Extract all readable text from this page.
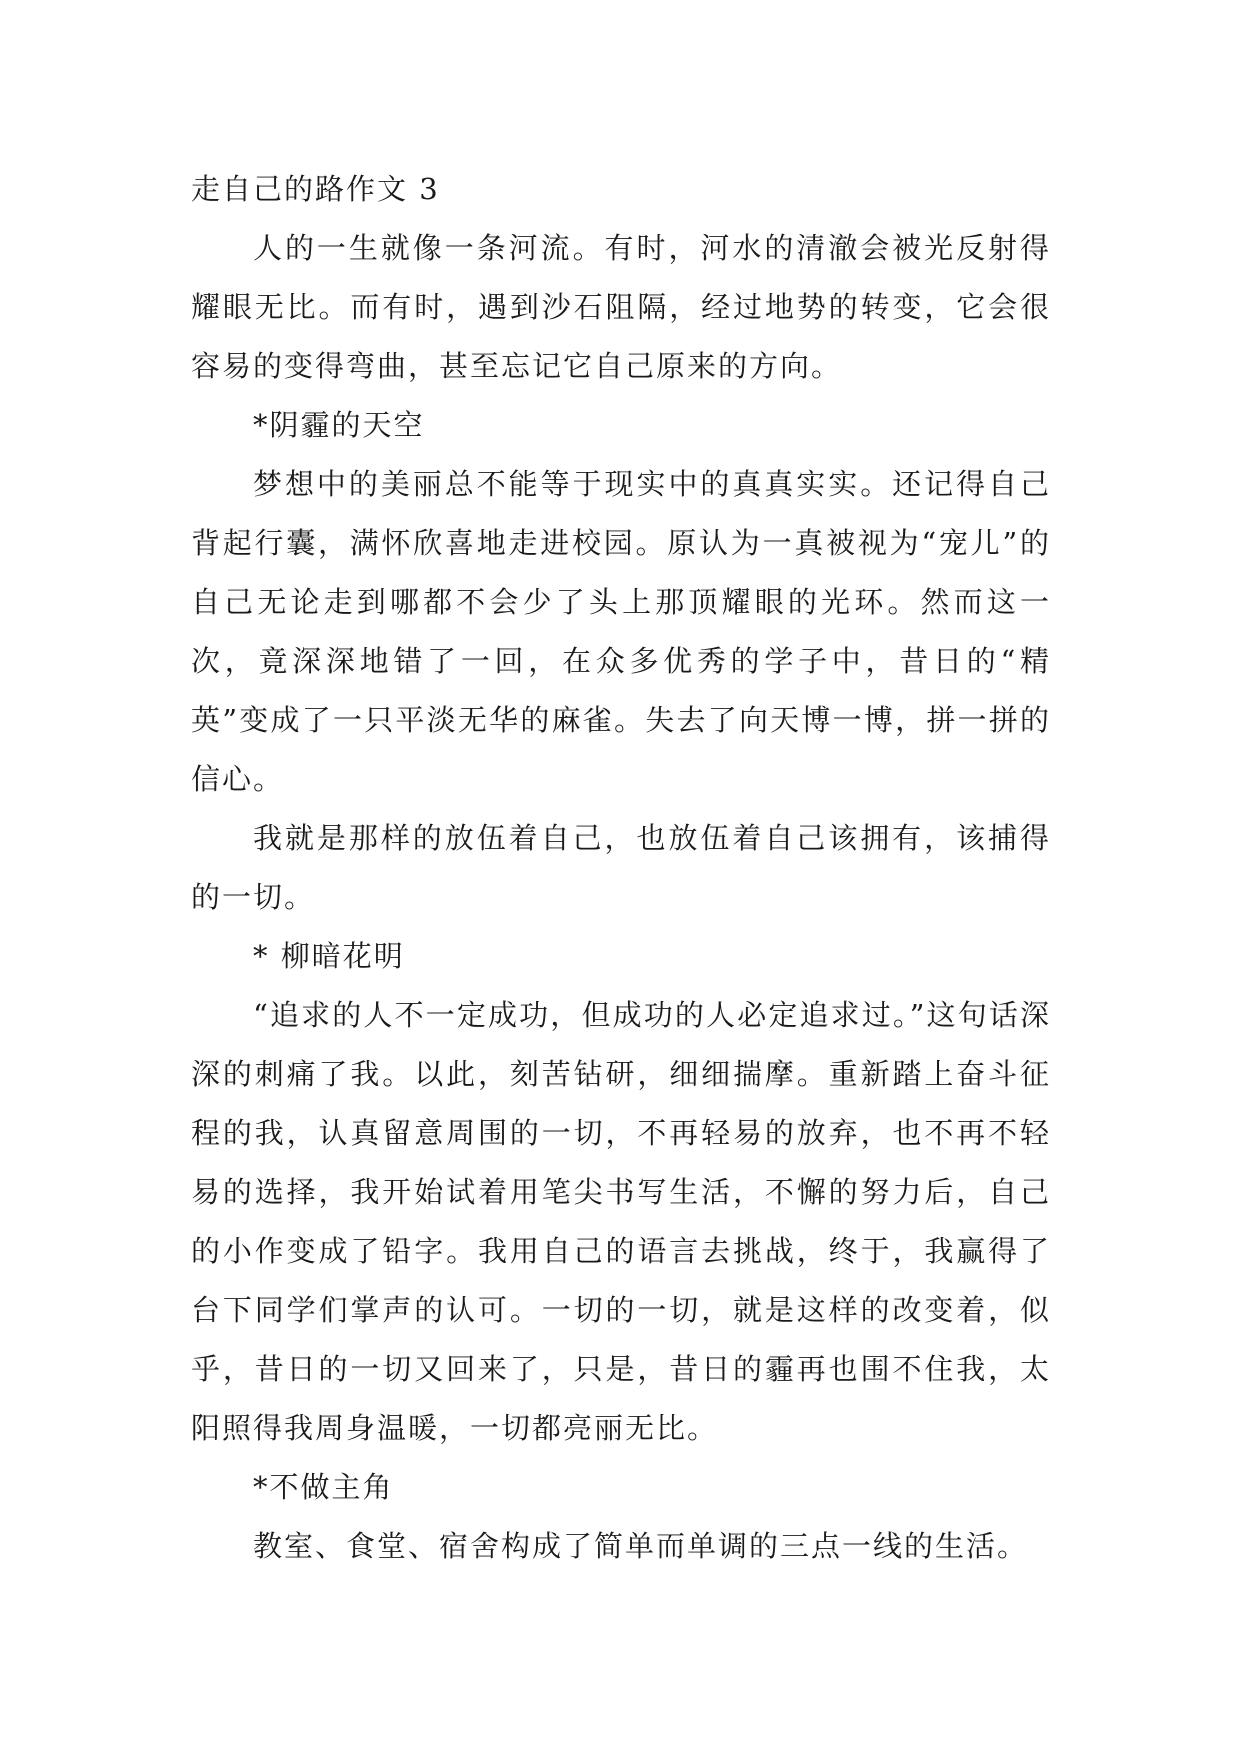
走自己的路作文 3

人的一生就像一条河流。有时，河水的清澈会被光反射得耀眼无比。而有时，遇到沙石阻隔，经过地势的转变，它会很容易的变得弯曲，甚至忘记它自己原来的方向。

*阴霾的天空

梦想中的美丽总不能等于现实中的真真实实。还记得自己背起行囊，满怀欣喜地走进校园。原认为一真被视为“宠儿”的自己无论走到哪都不会少了头上那顶耀眼的光环。然而这一次，竟深深地错了一回，在众多优秀的学子中，昔日的“精英”变成了一只平淡无华的麻雀。失去了向天博一博，拼一拼的信心。

我就是那样的放伍着自己，也放伍着自己该拥有，该捕得的一切。

* 柳暗花明

“追求的人不一定成功，但成功的人必定追求过。”这句话深深的刺痛了我。以此，刻苦钻研，细细揣摩。重新踏上奋斗征程的我，认真留意周围的一切，不再轻易的放弃，也不再不轻易的选择，我开始试着用笔尖书写生活，不懈的努力后，自己的小作变成了铅字。我用自己的语言去挑战，终于，我赢得了台下同学们掌声的认可。一切的一切，就是这样的改变着，似乎，昔日的一切又回来了，只是，昔日的霾再也围不住我，太阳照得我周身温暖，一切都亮丽无比。

*不做主角

教室、食堂、宿舍构成了简单而单调的三点一线的生活。
